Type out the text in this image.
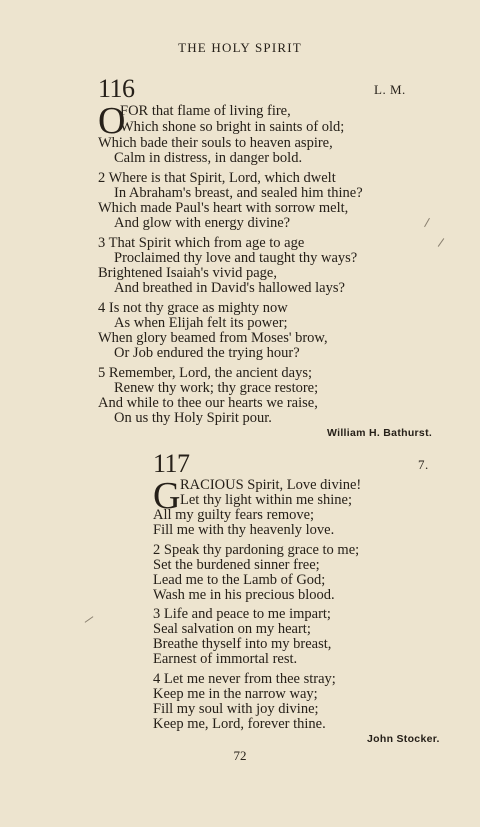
THE HOLY SPIRIT
116	L. M.
O
FOR that flame of living fire,
Which shone so bright in saints of old;
Which bade their souls to heaven aspire,
Calm in distress, in danger bold.
2 Where is that Spirit, Lord, which dwelt
In Abraham's breast, and sealed him thine?
Which made Paul's heart with sorrow melt,
And glow with energy divine?
3 That Spirit which from age to age
Proclaimed thy love and taught thy ways?
Brightened Isaiah's vivid page,
And breathed in David's hallowed lays?
4 Is not thy grace as mighty now
As when Elijah felt its power;
When glory beamed from Moses' brow,
Or Job endured the trying hour?
5 Remember, Lord, the ancient days;
Renew thy work; thy grace restore;
And while to thee our hearts we raise,
On us thy Holy Spirit pour.
William H. Bathurst.
117	7.
G RACIOUS Spirit, Love divine!
Let thy light within me shine;
All my guilty fears remove;
Fill me with thy heavenly love.
2 Speak thy pardoning grace to me;
Set the burdened sinner free;
Lead me to the Lamb of God;
Wash me in his precious blood.
3 Life and peace to me impart;
Seal salvation on my heart;
Breathe thyself into my breast,
Earnest of immortal rest.
4 Let me never from thee stray;
Keep me in the narrow way;
Fill my soul with joy divine;
Keep me, Lord, forever thine.
John Stocker.
72
